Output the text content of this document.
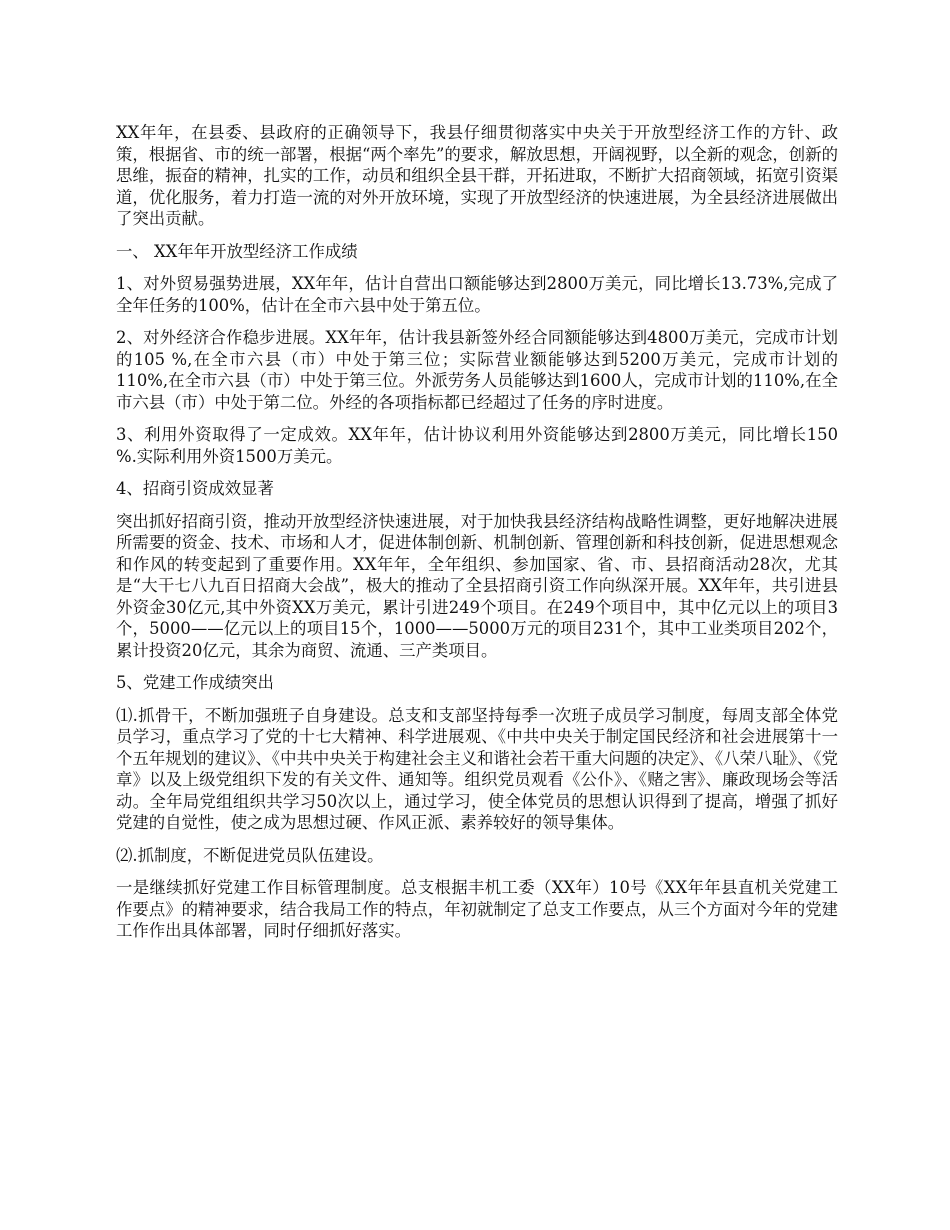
XX年年，在县委、县政府的正确领导下，我县仔细贯彻落实中央关于开放型经济工作的方针、政策，根据省、市的统一部署，根据“两个率先”的要求，解放思想，开阔视野，以全新的观念，创新的思维，振奋的精神，扎实的工作，动员和组织全县干群，开拓进取，不断扩大招商领域，拓宽引资渠道，优化服务，着力打造一流的对外开放环境，实现了开放型经济的快速进展，为全县经济进展做出了突出贡献。

一、 XX年年开放型经济工作成绩

1、对外贸易强势进展，XX年年，估计自营出口额能够达到2800万美元，同比增长13.73%,完成了全年任务的100%，估计在全市六县中处于第五位。

2、对外经济合作稳步进展。XX年年，估计我县新签外经合同额能够达到4800万美元，完成市计划的105 %,在全市六县（市）中处于第三位；实际营业额能够达到5200万美元，完成市计划的110%,在全市六县（市）中处于第三位。外派劳务人员能够达到1600人，完成市计划的110%,在全市六县（市）中处于第二位。外经的各项指标都已经超过了任务的序时进度。

3、利用外资取得了一定成效。XX年年，估计协议利用外资能够达到2800万美元，同比增长150 %.实际利用外资1500万美元。

4、招商引资成效显著

突出抓好招商引资，推动开放型经济快速进展，对于加快我县经济结构战略性调整，更好地解决进展所需要的资金、技术、市场和人才，促进体制创新、机制创新、管理创新和科技创新，促进思想观念和作风的转变起到了重要作用。XX年年，全年组织、参加国家、省、市、县招商活动28次，尤其是“大干七八九百日招商大会战”，极大的推动了全县招商引资工作向纵深开展。XX年年，共引进县外资金30亿元,其中外资XX万美元，累计引进249个项目。在249个项目中，其中亿元以上的项目3个，5000——亿元以上的项目15个，1000——5000万元的项目231个，其中工业类项目202个，累计投资20亿元，其余为商贸、流通、三产类项目。

5、党建工作成绩突出

⑴.抓骨干，不断加强班子自身建设。总支和支部坚持每季一次班子成员学习制度，每周支部全体党员学习，重点学习了党的十七大精神、科学进展观、《中共中央关于制定国民经济和社会进展第十一个五年规划的建议》、《中共中央关于构建社会主义和谐社会若干重大问题的决定》、《八荣八耻》、《党章》以及上级党组织下发的有关文件、通知等。组织党员观看《公仆》、《赌之害》、廉政现场会等活动。全年局党组组织共学习50次以上，通过学习，使全体党员的思想认识得到了提高，增强了抓好党建的自觉性，使之成为思想过硬、作风正派、素养较好的领导集体。

⑵.抓制度，不断促进党员队伍建设。

一是继续抓好党建工作目标管理制度。总支根据丰机工委（XX年）10号《XX年年县直机关党建工作要点》的精神要求，结合我局工作的特点，年初就制定了总支工作要点，从三个方面对今年的党建工作作出具体部署，同时仔细抓好落实。
